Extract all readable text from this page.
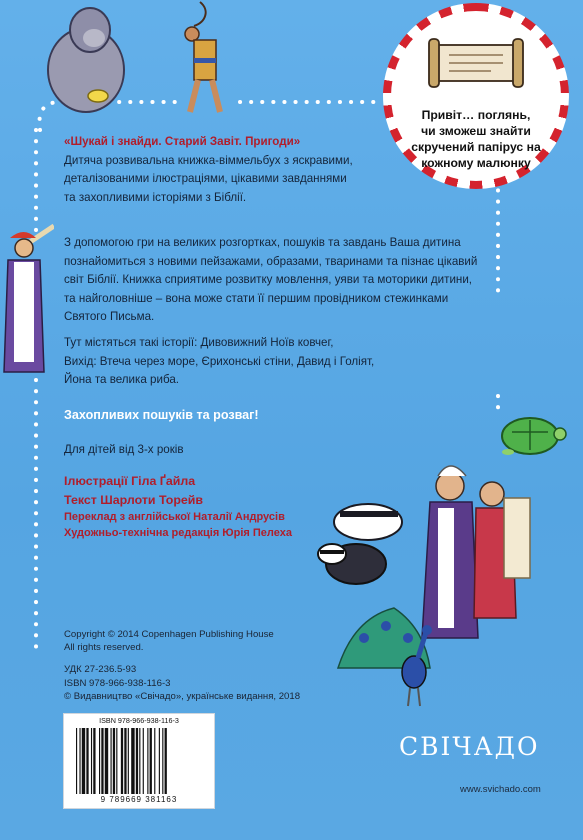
Привіт… поглянь,
чи зможеш знайти
скручений папірус на
кожному малюнку
«Шукай і знайди. Старий Завіт. Пригоди»
Дитяча розвивальна книжка-віммельбух з яскравими,
деталізованими ілюстраціями, цікавими завданнями
та захопливими історіями з Біблії.
З допомогою гри на великих розгортках, пошуків та завдань Ваша дитина
познайомиться з новими пейзажами, образами, тваринами та пізнає цікавий
світ Біблії. Книжка сприятиме розвитку мовлення, уяви та моторики дитини,
та найголовніше – вона може стати її першим провідником стежинками
Святого Письма.
Тут містяться такі історії: Дивовижний Ноїв ковчег,
Вихід: Втеча через море, Єрихонські стіни, Давид і Голіят,
Йона та велика риба.
Захопливих пошуків та розваг!
Для дітей від 3-х років
Ілюстрації Гіла Ґайла
Текст Шарлоти Торейв
Переклад з англійської Наталії Андрусів
Художньо-технічна редакція Юрія Пелеха
Copyright © 2014 Copenhagen Publishing House
All rights reserved.
УДК 27-236.5-93
ISBN 978-966-938-116-3
© Видавництво «Свічадо», українське видання, 2018
ISBN 978-966-938-116-3
9 789669 381163
СВІЧАДО
www.svichado.com
